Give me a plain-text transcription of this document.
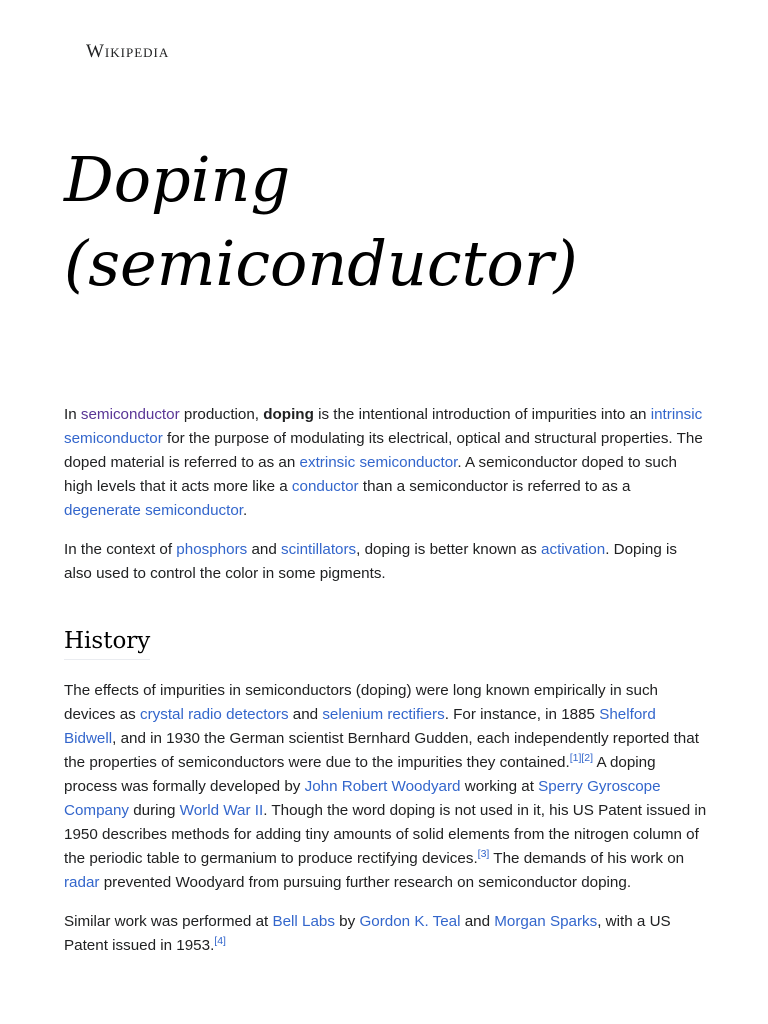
Wikipedia
Doping
(semiconductor)

In semiconductor production, doping is the intentional introduction of impurities into an intrinsic semiconductor for the purpose of modulating its electrical, optical and structural properties. The doped material is referred to as an extrinsic semiconductor. A semiconductor doped to such high levels that it acts more like a conductor than a semiconductor is referred to as a degenerate semiconductor.

In the context of phosphors and scintillators, doping is better known as activation. Doping is also used to control the color in some pigments.

History

The effects of impurities in semiconductors (doping) were long known empirically in such devices as crystal radio detectors and selenium rectifiers. For instance, in 1885 Shelford Bidwell, and in 1930 the German scientist Bernhard Gudden, each independently reported that the properties of semiconductors were due to the impurities they contained.[1][2] A doping process was formally developed by John Robert Woodyard working at Sperry Gyroscope Company during World War II. Though the word doping is not used in it, his US Patent issued in 1950 describes methods for adding tiny amounts of solid elements from the nitrogen column of the periodic table to germanium to produce rectifying devices.[3] The demands of his work on radar prevented Woodyard from pursuing further research on semiconductor doping.

Similar work was performed at Bell Labs by Gordon K. Teal and Morgan Sparks, with a US Patent issued in 1953.[4]
